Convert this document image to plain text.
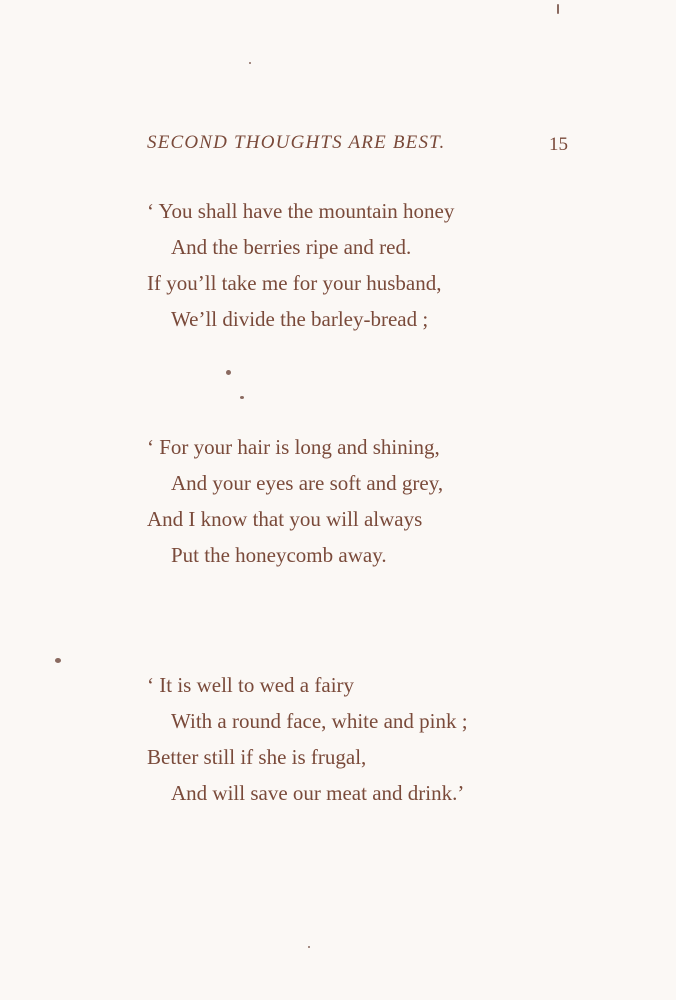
SECOND THOUGHTS ARE BEST.	15
‘ You shall have the mountain honey
And the berries ripe and red.
If you’ll take me for your husband,
We’ll divide the barley-bread ;
‘ For your hair is long and shining,
And your eyes are soft and grey,
And I know that you will always
Put the honeycomb away.
‘ It is well to wed a fairy
With a round face, white and pink ;
Better still if she is frugal,
And will save our meat and drink.’
